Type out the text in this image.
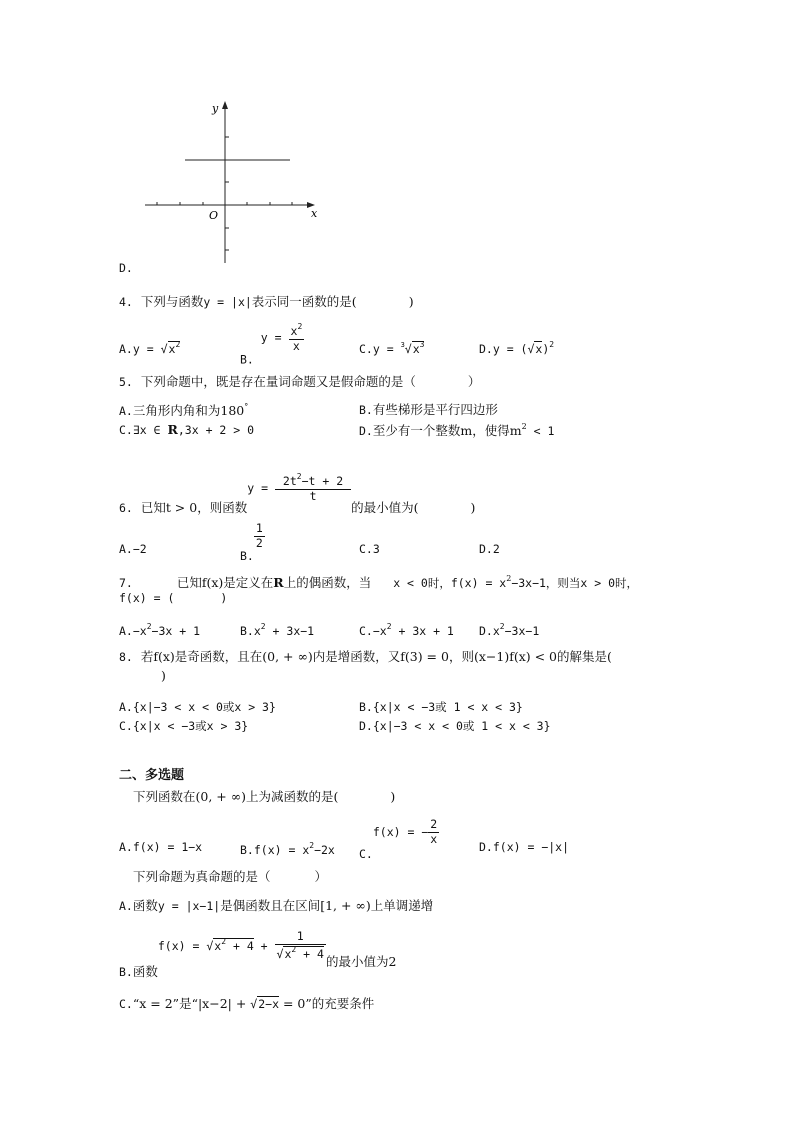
y
x
O
D.
4. 下列与函数y = |x|表示同一函数的是(	)
$A.y = √x^2$
B. $y = \frac{x^2}{x}$	$C.y = ^3√x^3$	$D.y = (√x)^2$
5. 下列命题中，既是存在量词命题又是假命题的是（	）
A.三角形内角和为180°	B.有些梯形是平行四边形
C.∃x ∈ R,3x + 2 > 0	D.至少有一个整数m，使得$m^2 < 1$
6. 已知t > 0，则函数$y = \frac{2t^2-t + 2}{t}$
的最小值为(	)
A.−2	B.
$\frac{1}{2}$	C.3	D.2
7.	已知f(x)是定义在R上的偶函数，当 x < 0时，$f(x) = x^2-3x-1$，则当x > 0时，
f(x) = (	)
$A.-x^2-3x + 1$	$B.x^2 + 3x-1$	$C.-x^2 + 3x + 1$ $D.x^2-3x-1$
8. 若f(x)是奇函数，且在(0, + ∞)内是增函数，又f(3) = 0，则(x−1)f(x) < 0的解集是(
)
A.{x|−3 < x < 0或x > 3}	B.{x|x < −3或 1 < x < 3}
C.{x|x < −3或x > 3}	D.{x|−3 < x < 0或 1 < x < 3}
二、多选题
下列函数在(0, + ∞)上为减函数的是(	)
A.f(x) = 1−x	$B.f(x) = x^2-2x$ C.f(x) = − $\frac{2}{x}$
D.f(x) = −|x|
下列命题为真命题的是（	）
A.函数y = |x−1|是偶函数且在区间[1, + ∞)上单调递增
B.函数$f(x) = √x^2 + 4 + \frac{1}{√x^2 + 4}$ 的最小值为2
C.“x = 2”是“|x−2| + √2−x = 0”的充要条件
